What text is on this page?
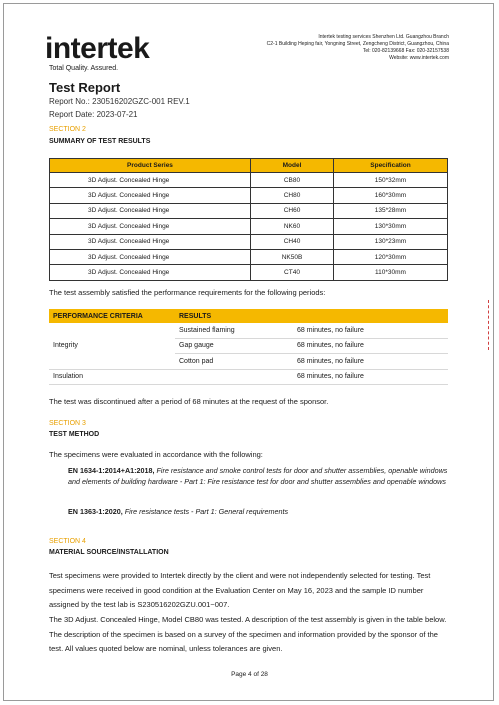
intertek
Total Quality. Assured.
Intertek testing services Shenzhen Ltd. Guangzhou Branch
C2-1 Building Heping fair, Yongning Street, Zengcheng District, Guangzhou, China
Tel: 020-82139668 Fax: 020-32157538
Website: www.intertek.com
Test Report
Report No.: 230516202GZC-001 REV.1
Report Date: 2023-07-21
SECTION 2
SUMMARY OF TEST RESULTS
Product Series	Model	Specification
3D Adjust. Concealed Hinge	CB80	150*32mm
3D Adjust. Concealed Hinge	CH80	160*30mm
3D Adjust. Concealed Hinge	CH60	135*28mm
3D Adjust. Concealed Hinge	NK60	130*30mm
3D Adjust. Concealed Hinge	CH40	130*23mm
3D Adjust. Concealed Hinge	NK50B	120*30mm
3D Adjust. Concealed Hinge	CT40	110*30mm
The test assembly satisfied the performance requirements for the following periods:
PERFORMANCE CRITERIA	RESULTS	
Integrity	Sustained flaming	68 minutes, no failure
	Gap gauge	68 minutes, no failure
	Cotton pad	68 minutes, no failure
Insulation		68 minutes, no failure
The test was discontinued after a period of 68 minutes at the request of the sponsor.
SECTION 3
TEST METHOD
The specimens were evaluated in accordance with the following:
EN 1634-1:2014+A1:2018, Fire resistance and smoke control tests for door and shutter assemblies, openable windows and elements of building hardware - Part 1: Fire resistance test for door and shutter assemblies and openable windows
EN 1363-1:2020, Fire resistance tests - Part 1: General requirements
SECTION 4
MATERIAL SOURCE/INSTALLATION
Test specimens were provided to Intertek directly by the client and were not independently selected for testing. Test specimens were received in good condition at the Evaluation Center on May 16, 2023 and the sample ID number assigned by the test lab is S230516202GZU.001~007.
The 3D Adjust. Concealed Hinge, Model CB80 was tested. A description of the test assembly is given in the table below. The description of the specimen is based on a survey of the specimen and information provided by the sponsor of the test. All values quoted below are nominal, unless tolerances are given.
Page 4 of 28
